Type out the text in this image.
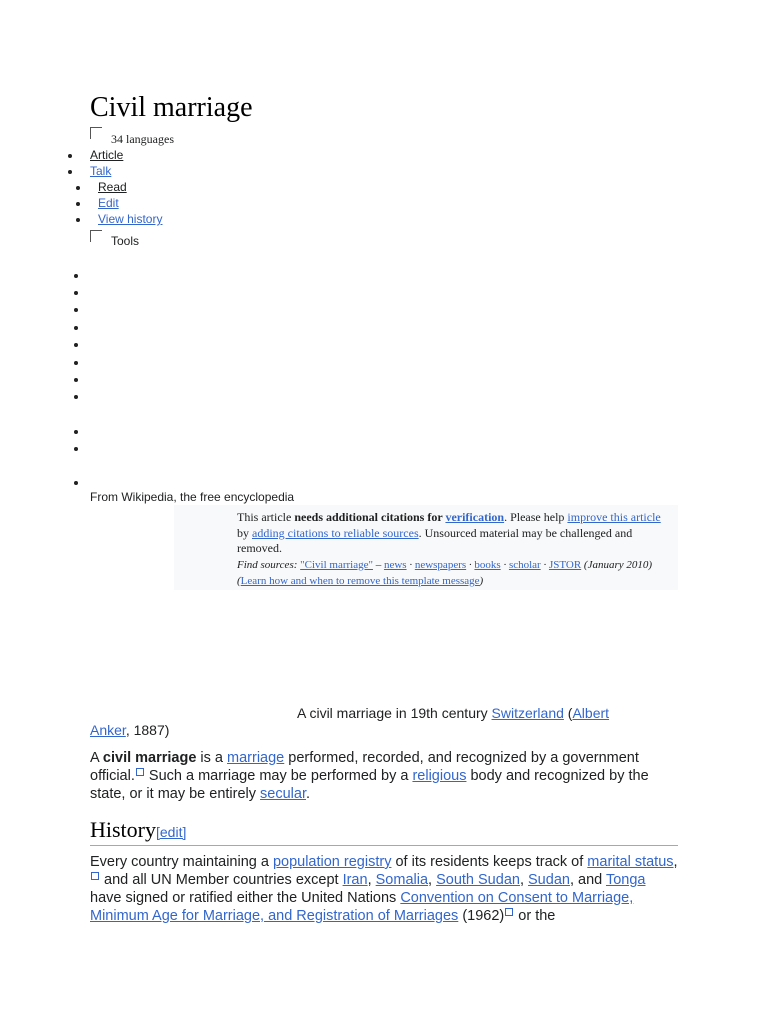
Civil marriage
34 languages
Article
Talk
Read
Edit
View history
Tools
From Wikipedia, the free encyclopedia
This article needs additional citations for verification. Please help improve this article by adding citations to reliable sources. Unsourced material may be challenged and removed.
Find sources: "Civil marriage" – news · newspapers · books · scholar · JSTOR (January 2010) (Learn how and when to remove this template message)
A civil marriage in 19th century Switzerland (Albert Anker, 1887)
A civil marriage is a marriage performed, recorded, and recognized by a government official. Such a marriage may be performed by a religious body and recognized by the state, or it may be entirely secular.
History[edit]
Every country maintaining a population registry of its residents keeps track of marital status, and all UN Member countries except Iran, Somalia, South Sudan, Sudan, and Tonga have signed or ratified either the United Nations Convention on Consent to Marriage, Minimum Age for Marriage, and Registration of Marriages (1962) or the
